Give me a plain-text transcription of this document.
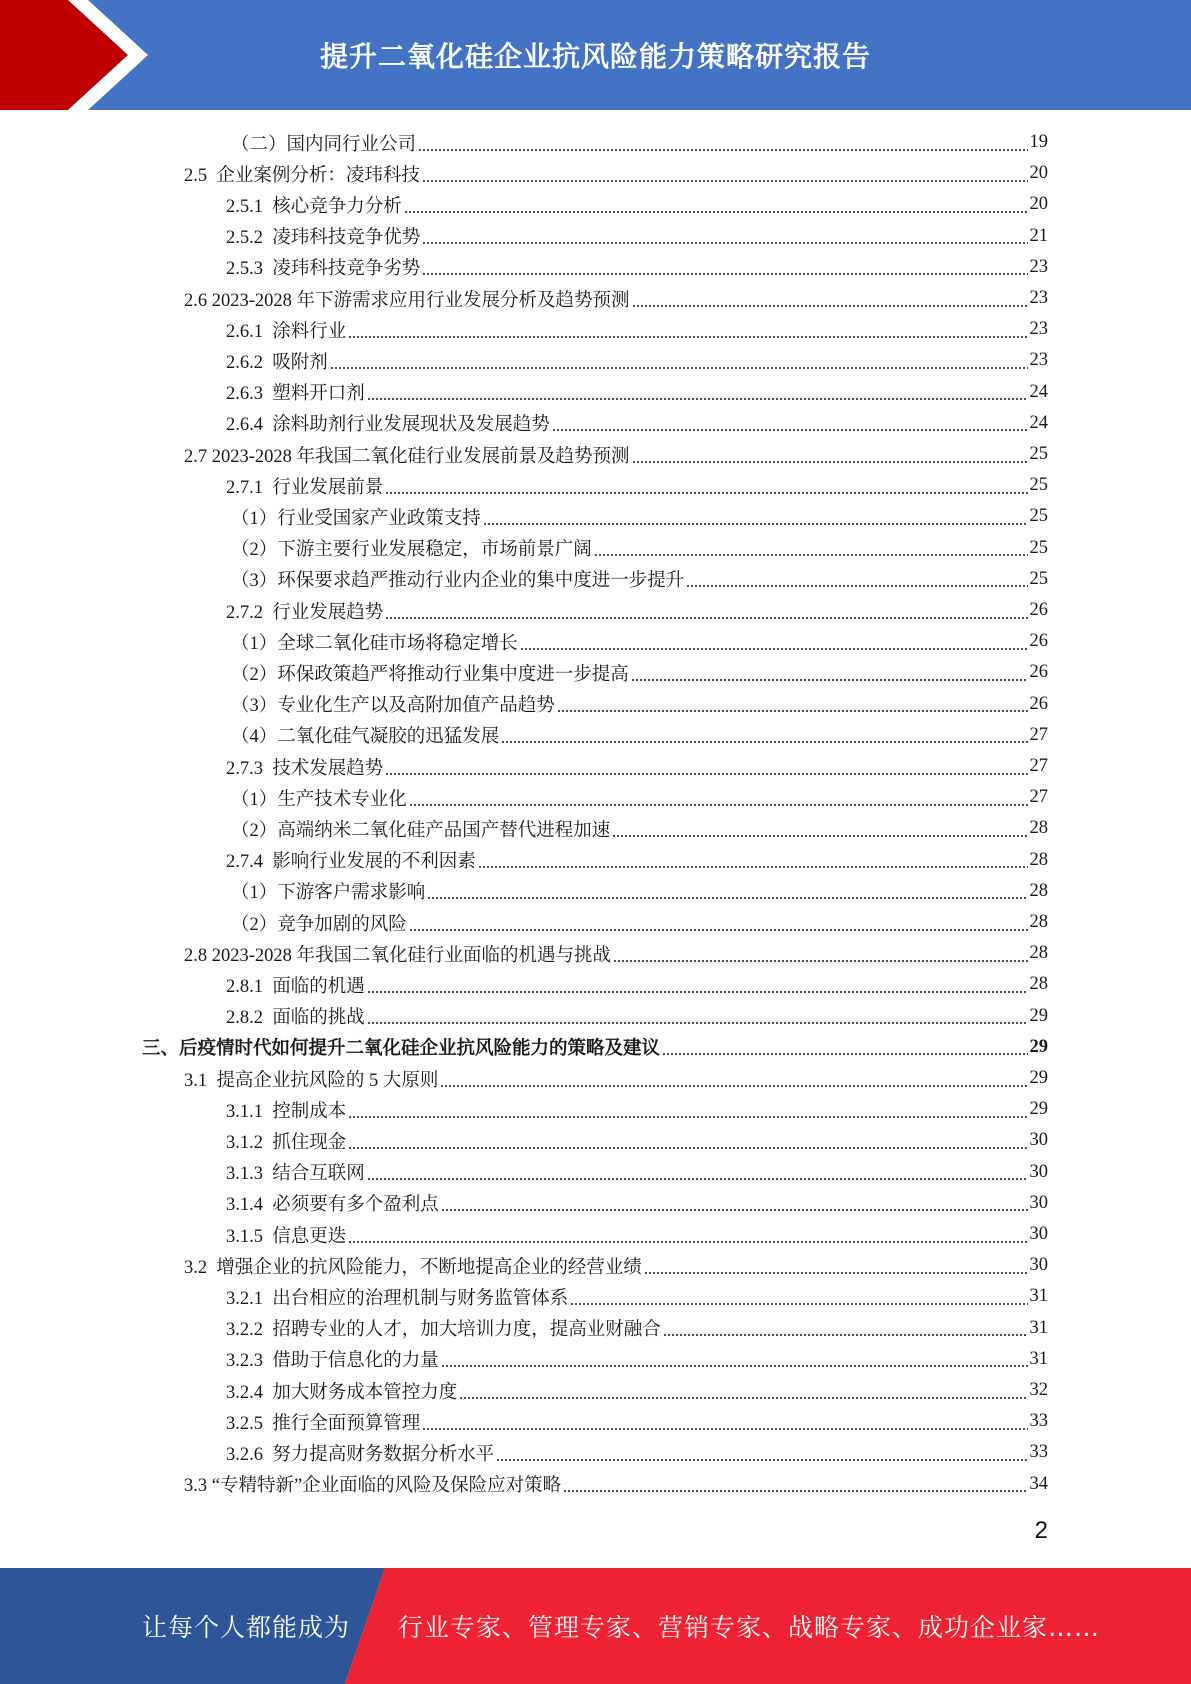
提升二氧化硅企业抗风险能力策略研究报告
（二）国内同行业公司	19
2.5  企业案例分析：凌玮科技	20
2.5.1  核心竞争力分析	20
2.5.2  凌玮科技竞争优势	21
2.5.3  凌玮科技竞争劣势	23
2.6 2023-2028 年下游需求应用行业发展分析及趋势预测	23
2.6.1  涂料行业	23
2.6.2  吸附剂	23
2.6.3  塑料开口剂	24
2.6.4  涂料助剂行业发展现状及发展趋势	24
2.7 2023-2028 年我国二氧化硅行业发展前景及趋势预测	25
2.7.1  行业发展前景	25
（1）行业受国家产业政策支持	25
（2）下游主要行业发展稳定，市场前景广阔	25
（3）环保要求趋严推动行业内企业的集中度进一步提升	25
2.7.2  行业发展趋势	26
（1）全球二氧化硅市场将稳定增长	26
（2）环保政策趋严将推动行业集中度进一步提高	26
（3）专业化生产以及高附加值产品趋势	26
（4）二氧化硅气凝胶的迅猛发展	27
2.7.3  技术发展趋势	27
（1）生产技术专业化	27
（2）高端纳米二氧化硅产品国产替代进程加速	28
2.7.4  影响行业发展的不利因素	28
（1）下游客户需求影响	28
（2）竞争加剧的风险	28
2.8 2023-2028 年我国二氧化硅行业面临的机遇与挑战	28
2.8.1  面临的机遇	28
2.8.2  面临的挑战	29
三、后疫情时代如何提升二氧化硅企业抗风险能力的策略及建议	29
3.1  提高企业抗风险的 5 大原则	29
3.1.1  控制成本	29
3.1.2  抓住现金	30
3.1.3  结合互联网	30
3.1.4  必须要有多个盈利点	30
3.1.5  信息更迭	30
3.2  增强企业的抗风险能力，不断地提高企业的经营业绩	30
3.2.1  出台相应的治理机制与财务监管体系	31
3.2.2  招聘专业的人才，加大培训力度，提高业财融合	31
3.2.3  借助于信息化的力量	31
3.2.4  加大财务成本管控力度	32
3.2.5  推行全面预算管理	33
3.2.6  努力提高财务数据分析水平	33
3.3 “专精特新”企业面临的风险及保险应对策略	34
2
让每个人都能成为 行业专家、管理专家、营销专家、战略专家、成功企业家……
